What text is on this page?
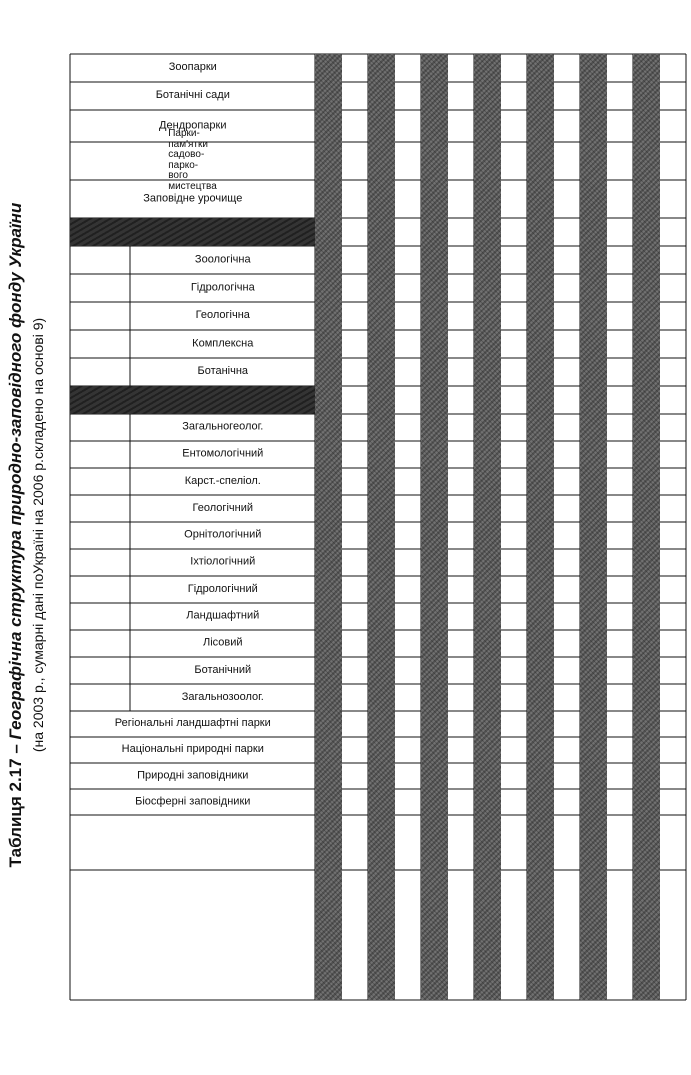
Таблиця 2.17 – Географічна структура природно-заповідного фонду України (на 2003 р., сумарні дані поУкраїні на 2006 р.складено на основі 9)
Біосферні заповідники
Природні заповідники
Національні природні парки
Регіональні ландшафтні парки
Загальнозоолог.
Ботанічний
Лісовий
Ландшафтний
Гідрологічний
Іхтіологічний
Орнітологічний
Геологічний
Карст.-спеліол.
Ентомологічний
Загальногеолог.
Ботанічна
Комплексна
Геологічна
Гідрологічна
Зоологічна
Заповідне урочище
Парки-пам'ятки садово-парко-вого мистецтва
Дендропарки
Ботанічні сади
Зоопарки
